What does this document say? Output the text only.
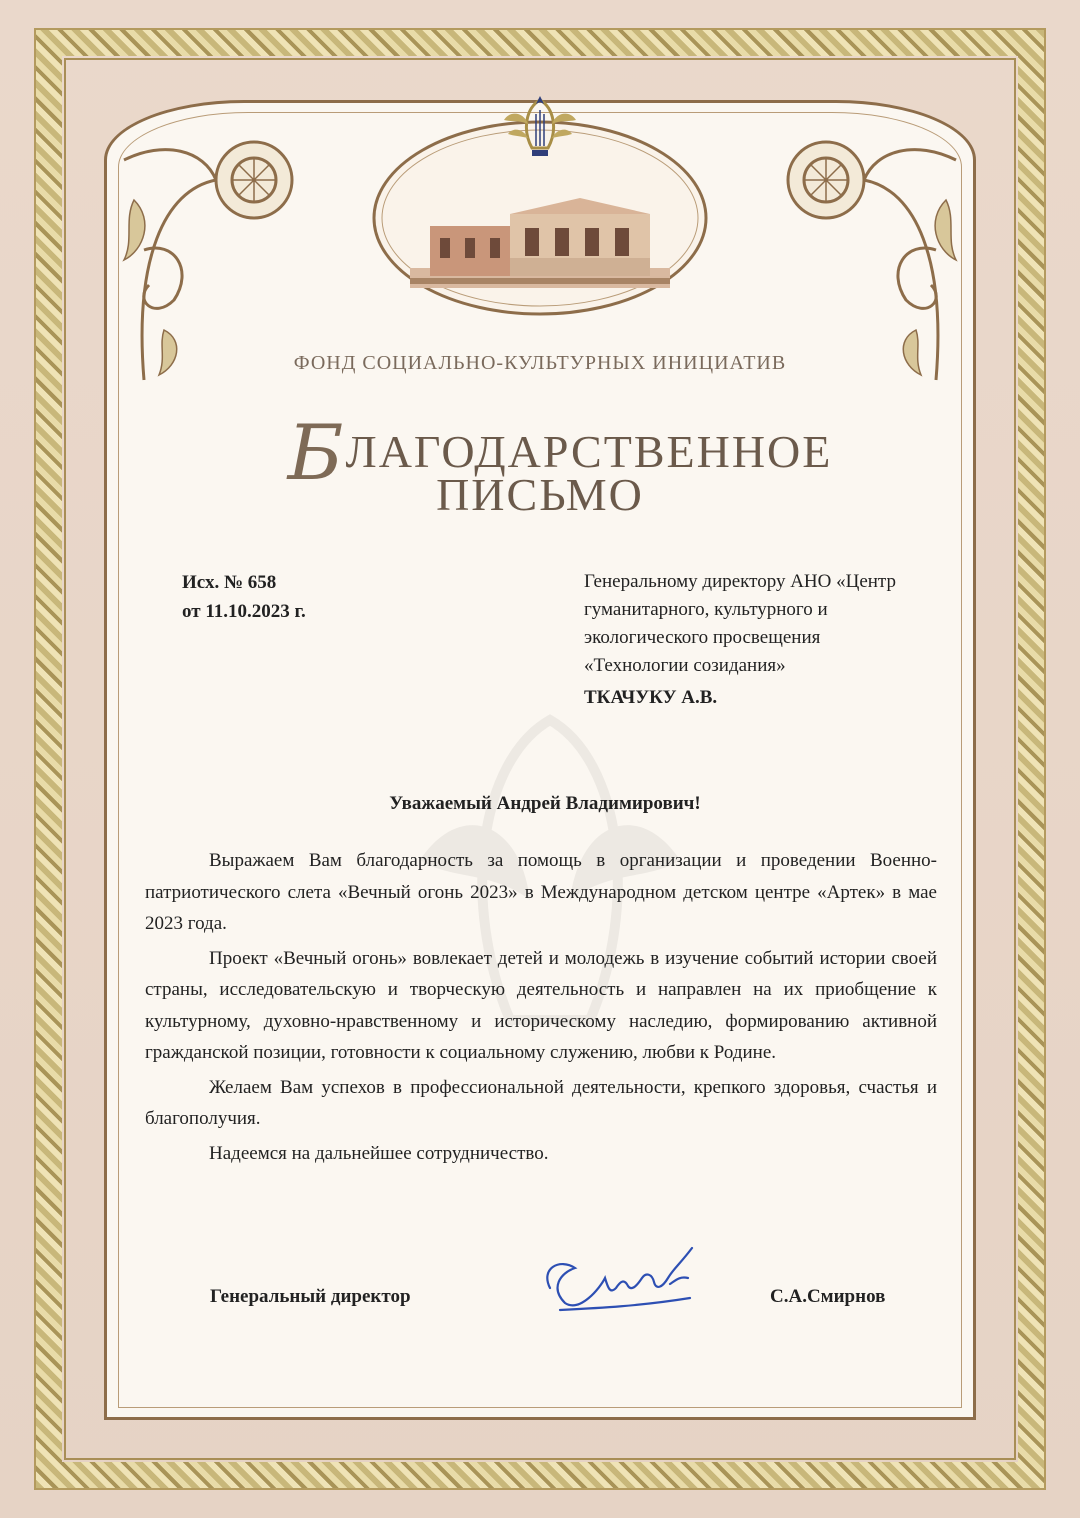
ФОНД СОЦИАЛЬНО-КУЛЬТУРНЫХ ИНИЦИАТИВ
БЛАГОДАРСТВЕННОЕ
ПИСЬМО
Исх. № 658
от 11.10.2023 г.
Генеральному директору АНО «Центр гуманитарного, культурного и экологического просвещения «Технологии созидания»
ТКАЧУКУ А.В.
Уважаемый Андрей Владимирович!

Выражаем Вам благодарность за помощь в организации и проведении Военно-патриотического слета «Вечный огонь 2023» в Международном детском центре «Артек» в мае 2023 года.

Проект «Вечный огонь» вовлекает детей и молодежь в изучение событий истории своей страны, исследовательскую и творческую деятельность и направлен на их приобщение к культурному, духовно-нравственному и историческому наследию, формированию активной гражданской позиции, готовности к социальному служению, любви к Родине.

Желаем Вам успехов в профессиональной деятельности, крепкого здоровья, счастья и благополучия.

Надеемся на дальнейшее сотрудничество.

Генеральный директор	С.А.Смирнов
